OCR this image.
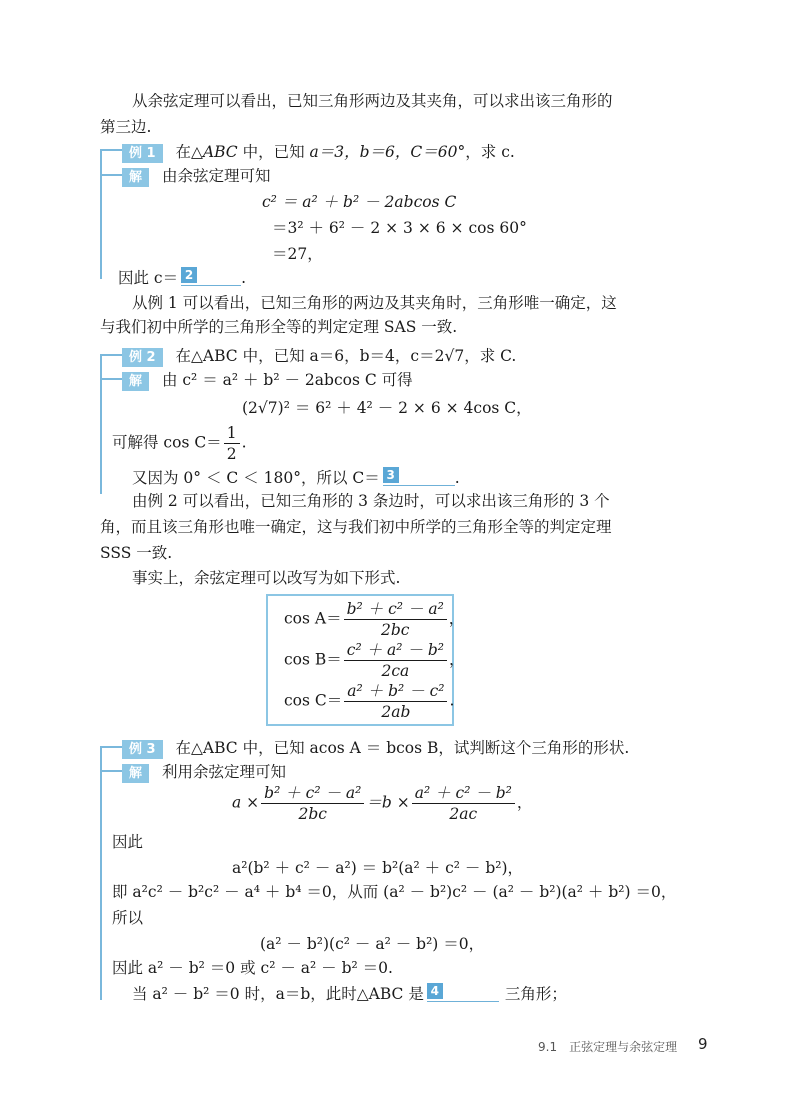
从余弦定理可以看出，已知三角形两边及其夹角，可以求出该三角形的
第三边.
例 1 在△ABC 中，已知 a＝3，b＝6，C＝60°，求 c.
解 由余弦定理可知
c² ＝ a² ＋ b² － 2abcos C
＝3² ＋ 6² － 2 × 3 × 6 × cos 60°
＝27，
因此 c＝ 2	.
从例 1 可以看出，已知三角形的两边及其夹角时，三角形唯一确定，这
与我们初中所学的三角形全等的判定定理 SAS 一致.
例 2 在△ABC 中，已知 a＝6，b＝4，c＝2√7，求 C.
解 由 c² ＝ a² ＋ b² － 2abcos C 可得
(2√7)² ＝ 6² ＋ 4² － 2 × 6 × 4cos C，
可解得 $\cos C= \frac{1}{2}$ .
又因为 0° ＜ C ＜ 180°，所以 C＝ 3	.
由例 2 可以看出，已知三角形的 3 条边时，可以求出该三角形的 3 个
角，而且该三角形也唯一确定，这与我们初中所学的三角形全等的判定定理
SSS 一致.
事实上，余弦定理可以改写为如下形式.
$\cos A= \frac{\text{b² ＋ c² － a²}}{2bc}$ ，
$\cos B= \frac{\text{c² ＋ a² － b²}}{2ca}$ ，
$\cos C= \frac{\text{a² ＋ b² － c²}}{2ab}$ .
例 3 在△ABC 中，已知 acos A ＝ bcos B，试判断这个三角形的形状.
解 利用余弦定理可知
$a \times \frac{\text{b² ＋ c² － a²}}{2bc} =b \times \frac{\text{a² ＋ c² － b²}}{2ac}$ ，
因此
a²(b² ＋ c² － a²) ＝ b²(a² ＋ c² － b²)，
即 a²c² － b²c² － a⁴ ＋ b⁴ ＝0，从而 (a² － b²)c² － (a² － b²)(a² ＋ b²) ＝0，
所以
(a² － b²)(c² － a² － b²) ＝0，
因此 a² － b² ＝0 或 c² － a² － b² ＝0.
当 a² － b² ＝0 时，a＝b，此时△ABC 是 4	三角形；
9.1　正弦定理与余弦定理 9
